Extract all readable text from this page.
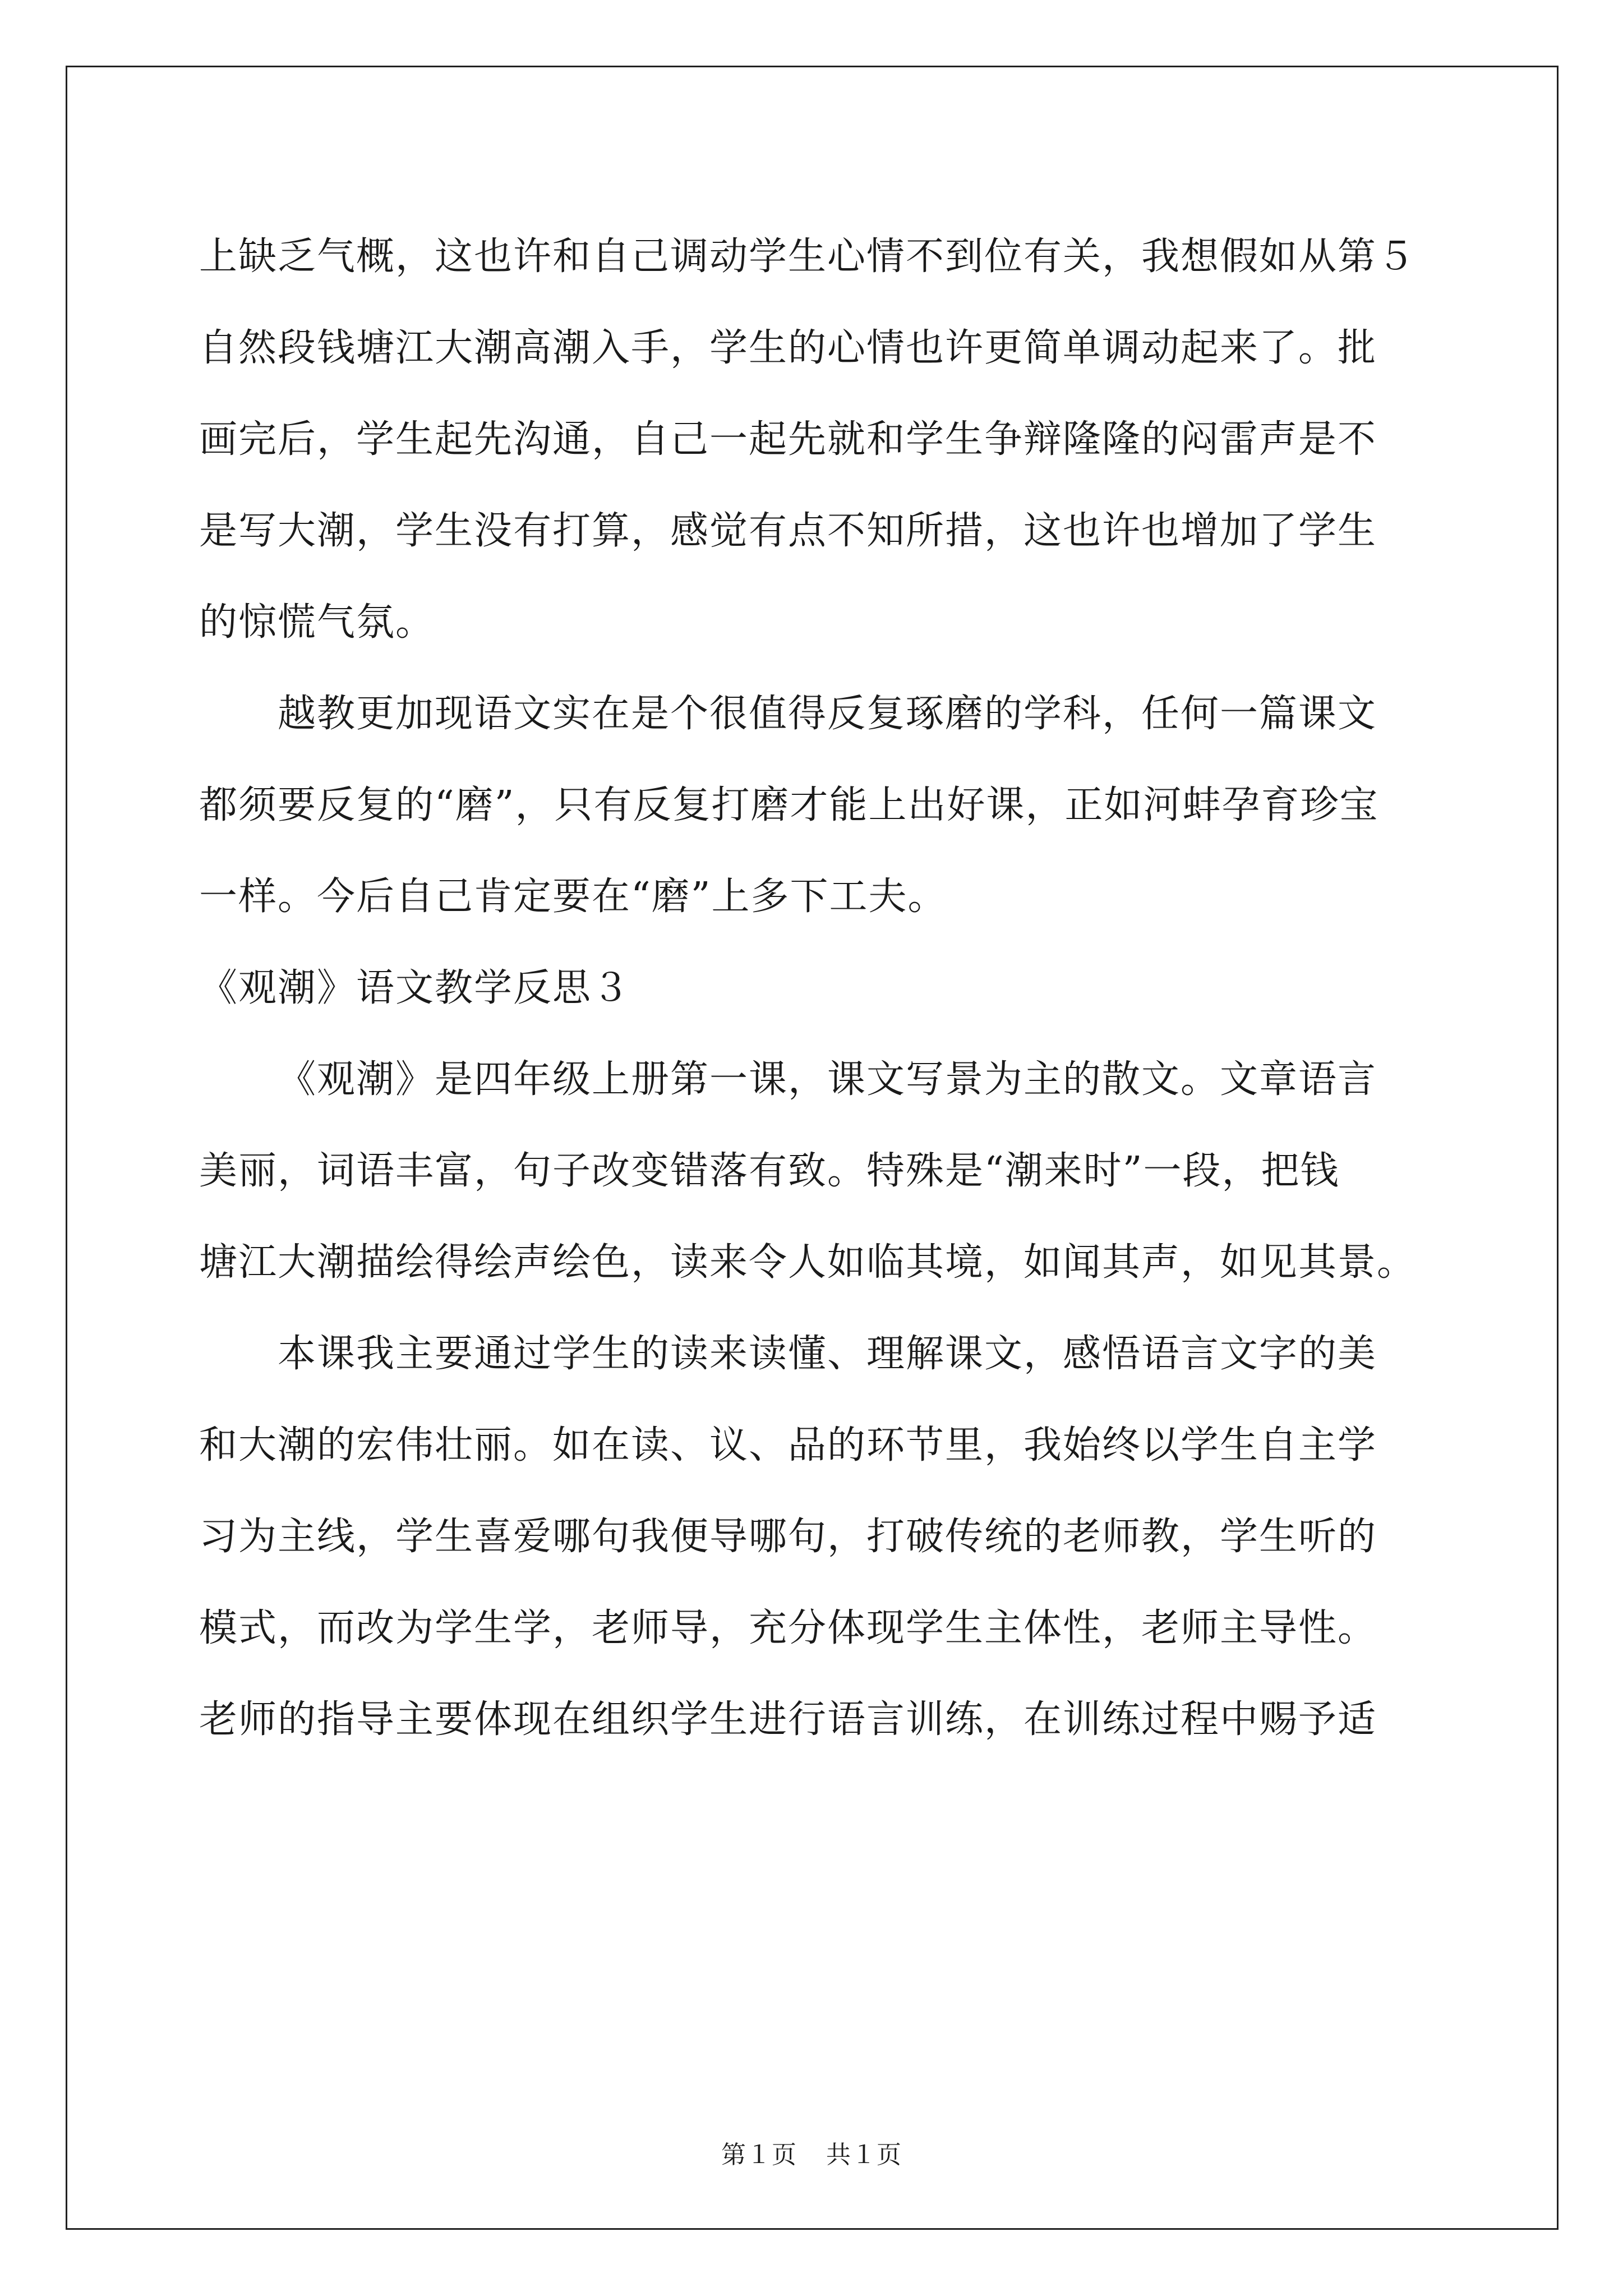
上缺乏气概，这也许和自己调动学生心情不到位有关，我想假如从第５
自然段钱塘江大潮高潮入手，学生的心情也许更简单调动起来了。批
画完后，学生起先沟通，自己一起先就和学生争辩隆隆的闷雷声是不
是写大潮，学生没有打算，感觉有点不知所措，这也许也增加了学生
的惊慌气氛。
越教更加现语文实在是个很值得反复琢磨的学科，任何一篇课文
都须要反复的“磨”，只有反复打磨才能上出好课，正如河蚌孕育珍宝
一样。今后自己肯定要在“磨”上多下工夫。
《观潮》语文教学反思３
《观潮》是四年级上册第一课，课文写景为主的散文。文章语言
美丽，词语丰富，句子改变错落有致。特殊是“潮来时”一段，把钱
塘江大潮描绘得绘声绘色，读来令人如临其境，如闻其声，如见其景。
本课我主要通过学生的读来读懂、理解课文，感悟语言文字的美
和大潮的宏伟壮丽。如在读、议、品的环节里，我始终以学生自主学
习为主线，学生喜爱哪句我便导哪句，打破传统的老师教，学生听的
模式，而改为学生学，老师导，充分体现学生主体性，老师主导性。
老师的指导主要体现在组织学生进行语言训练，在训练过程中赐予适
第１页 共１页
